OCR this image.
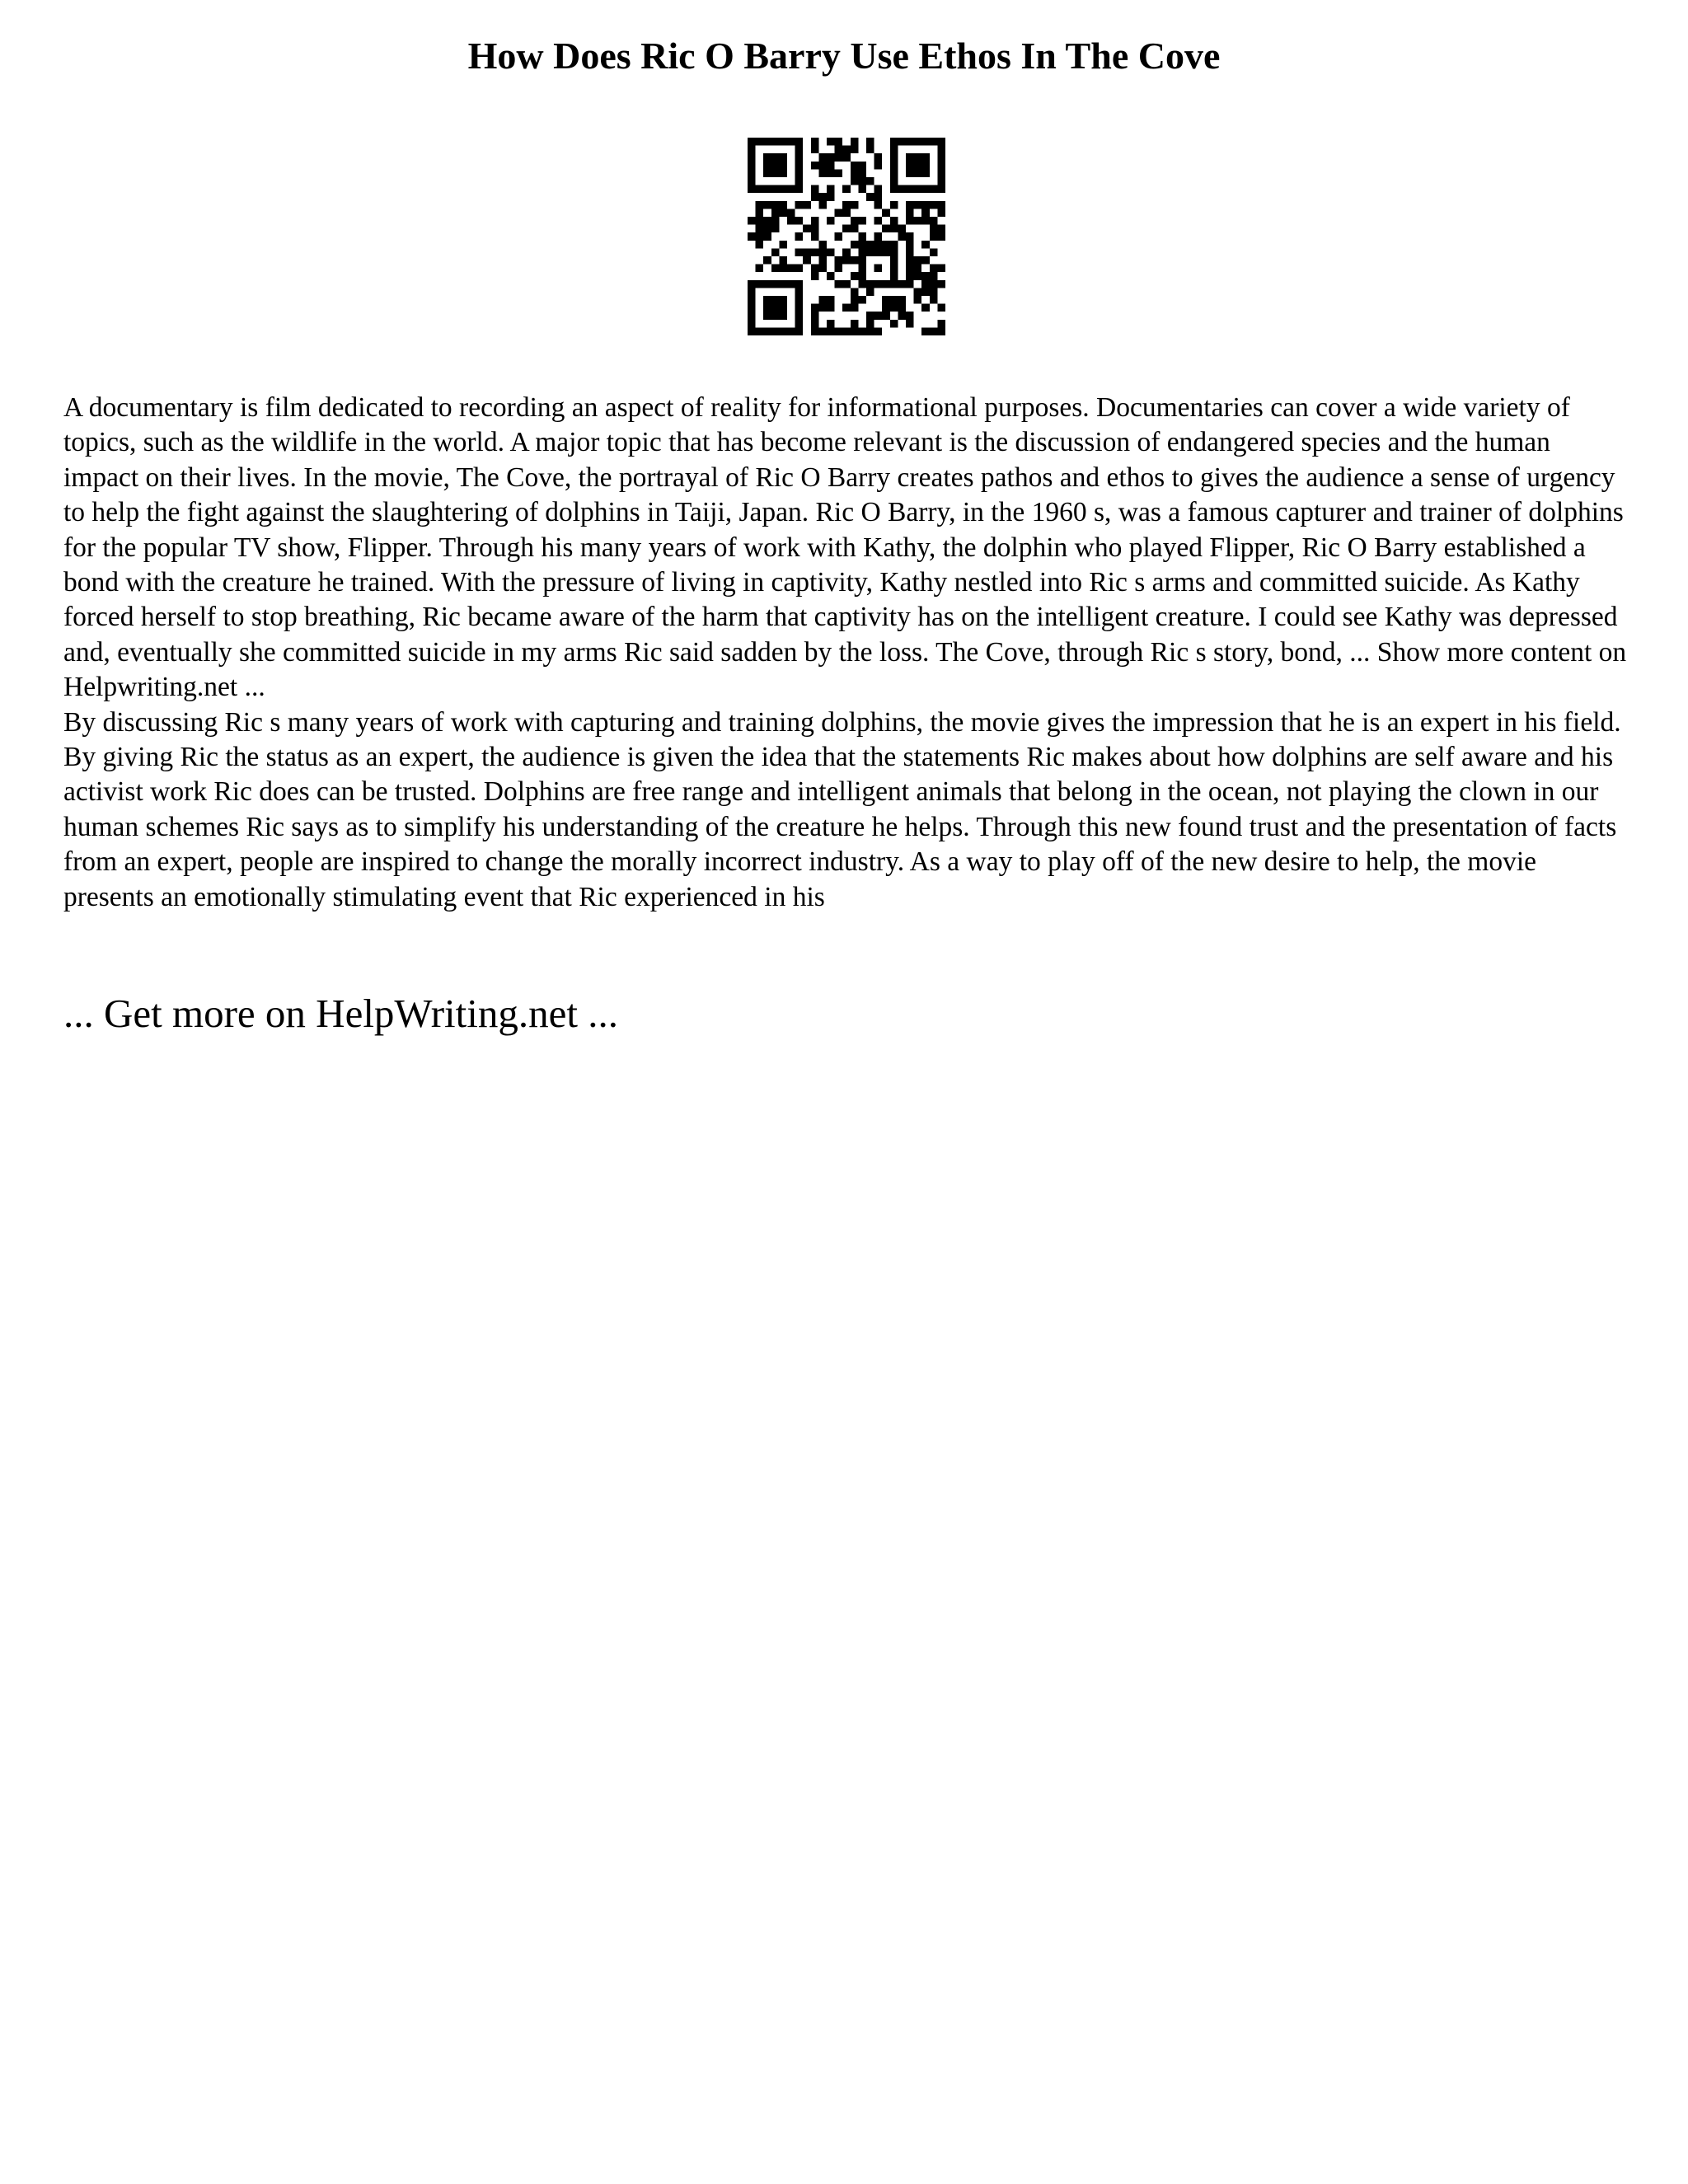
How Does Ric O Barry Use Ethos In The Cove

A documentary is film dedicated to recording an aspect of reality for informational purposes. Documentaries can cover a wide variety of topics, such as the wildlife in the world. A major topic that has become relevant is the discussion of endangered species and the human impact on their lives. In the movie, The Cove, the portrayal of Ric O Barry creates pathos and ethos to gives the audience a sense of urgency to help the fight against the slaughtering of dolphins in Taiji, Japan. Ric O Barry, in the 1960 s, was a famous capturer and trainer of dolphins for the popular TV show, Flipper. Through his many years of work with Kathy, the dolphin who played Flipper, Ric O Barry established a bond with the creature he trained. With the pressure of living in captivity, Kathy nestled into Ric s arms and committed suicide. As Kathy forced herself to stop breathing, Ric became aware of the harm that captivity has on the intelligent creature. I could see Kathy was depressed and, eventually she committed suicide in my arms Ric said sadden by the loss. The Cove, through Ric s story, bond, ... Show more content on Helpwriting.net ...

By discussing Ric s many years of work with capturing and training dolphins, the movie gives the impression that he is an expert in his field. By giving Ric the status as an expert, the audience is given the idea that the statements Ric makes about how dolphins are self aware and his activist work Ric does can be trusted. Dolphins are free range and intelligent animals that belong in the ocean, not playing the clown in our human schemes Ric says as to simplify his understanding of the creature he helps. Through this new found trust and the presentation of facts from an expert, people are inspired to change the morally incorrect industry. As a way to play off of the new desire to help, the movie presents an emotionally stimulating event that Ric experienced in his

... Get more on HelpWriting.net ...
